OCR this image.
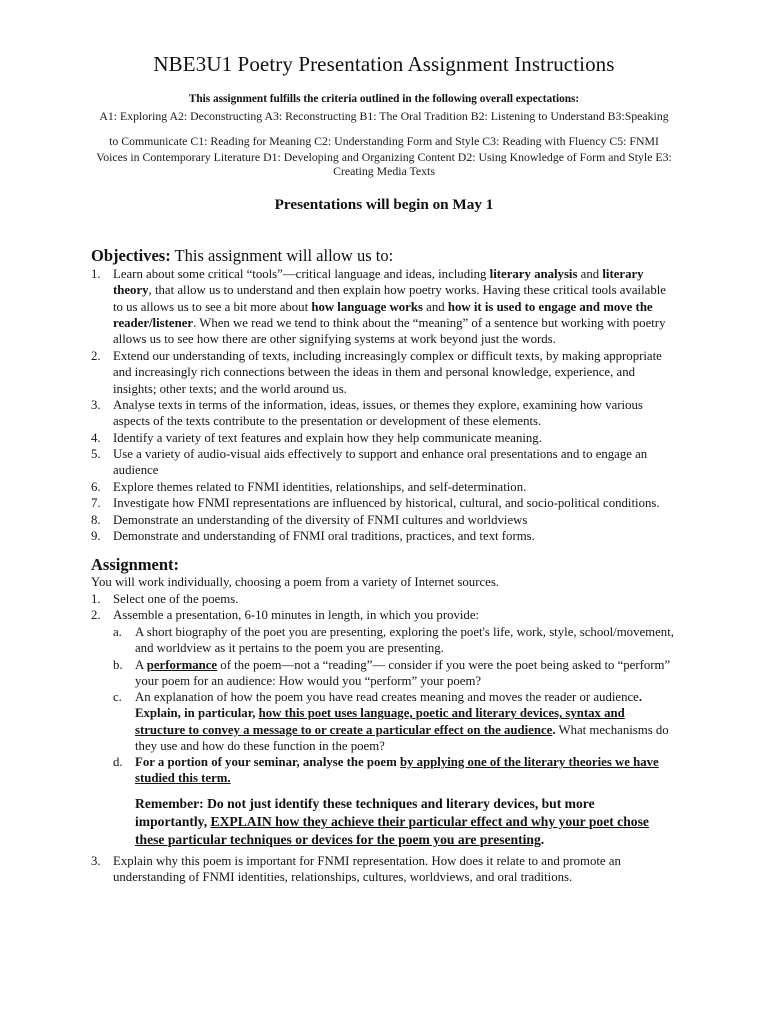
NBE3U1 Poetry Presentation Assignment Instructions
This assignment fulfills the criteria outlined in the following overall expectations:
A1: Exploring A2: Deconstructing A3: Reconstructing B1: The Oral Tradition B2: Listening to Understand B3:Speaking
to Communicate C1: Reading for Meaning C2: Understanding Form and Style C3: Reading with Fluency C5: FNMI
Voices in Contemporary Literature D1: Developing and Organizing Content D2: Using Knowledge of Form and Style E3:
Creating Media Texts
Presentations will begin on May 1
Objectives: This assignment will allow us to:
1. Learn about some critical “tools”—critical language and ideas, including literary analysis and literary
theory, that allow us to understand and then explain how poetry works. Having these critical tools available
to us allows us to see a bit more about how language works and how it is used to engage and move the
reader/listener. When we read we tend to think about the “meaning” of a sentence but working with poetry
allows us to see how there are other signifying systems at work beyond just the words.
2. Extend our understanding of texts, including increasingly complex or difficult texts, by making appropriate
and increasingly rich connections between the ideas in them and personal knowledge, experience, and
insights; other texts; and the world around us.
3. Analyse texts in terms of the information, ideas, issues, or themes they explore, examining how various
aspects of the texts contribute to the presentation or development of these elements.
4. Identify a variety of text features and explain how they help communicate meaning.
5. Use a variety of audio-visual aids effectively to support and enhance oral presentations and to engage an
audience
6. Explore themes related to FNMI identities, relationships, and self-determination.
7. Investigate how FNMI representations are influenced by historical, cultural, and socio-political conditions.
8. Demonstrate an understanding of the diversity of FNMI cultures and worldviews
9. Demonstrate and understanding of FNMI oral traditions, practices, and text forms.
Assignment:
You will work individually, choosing a poem from a variety of Internet sources.
1. Select one of the poems.
2. Assemble a presentation, 6-10 minutes in length, in which you provide:
a. A short biography of the poet you are presenting, exploring the poet's life, work, style, school/movement,
and worldview as it pertains to the poem you are presenting.
b. A performance of the poem—not a “reading”— consider if you were the poet being asked to “perform”
your poem for an audience: How would you “perform” your poem?
c. An explanation of how the poem you have read creates meaning and moves the reader or audience.
Explain, in particular, how this poet uses language, poetic and literary devices, syntax and
structure to convey a message to or create a particular effect on the audience. What mechanisms do
they use and how do these function in the poem?
d. For a portion of your seminar, analyse the poem by applying one of the literary theories we have
studied this term.
Remember: Do not just identify these techniques and literary devices, but more
importantly, EXPLAIN how they achieve their particular effect and why your poet chose
these particular techniques or devices for the poem you are presenting.
3. Explain why this poem is important for FNMI representation. How does it relate to and promote an
understanding of FNMI identities, relationships, cultures, worldviews, and oral traditions.
